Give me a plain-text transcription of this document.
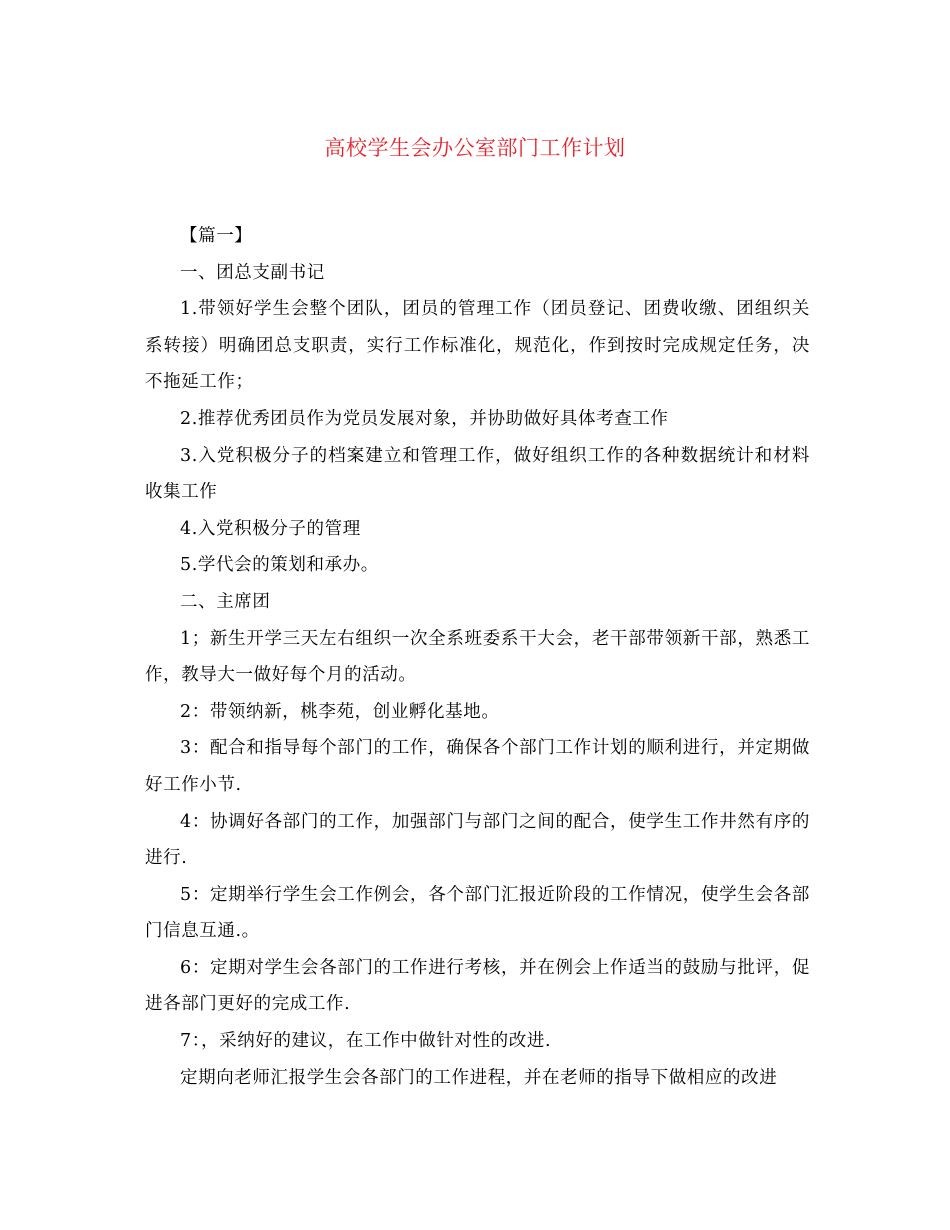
高校学生会办公室部门工作计划

【篇一】

一、团总支副书记

1.带领好学生会整个团队，团员的管理工作（团员登记、团费收缴、团组织关系转接）明确团总支职责，实行工作标准化，规范化，作到按时完成规定任务，决不拖延工作；

2.推荐优秀团员作为党员发展对象，并协助做好具体考查工作

3.入党积极分子的档案建立和管理工作，做好组织工作的各种数据统计和材料收集工作

4.入党积极分子的管理

5.学代会的策划和承办。

二、主席团

1；新生开学三天左右组织一次全系班委系干大会，老干部带领新干部，熟悉工作，教导大一做好每个月的活动。

2：带领纳新，桃李苑，创业孵化基地。

3：配合和指导每个部门的工作，确保各个部门工作计划的顺利进行，并定期做好工作小节.

4：协调好各部门的工作，加强部门与部门之间的配合，使学生工作井然有序的进行.

5：定期举行学生会工作例会，各个部门汇报近阶段的工作情况，使学生会各部门信息互通.。

6：定期对学生会各部门的工作进行考核，并在例会上作适当的鼓励与批评，促进各部门更好的完成工作.

7：，采纳好的建议，在工作中做针对性的改进.

定期向老师汇报学生会各部门的工作进程，并在老师的指导下做相应的改进
